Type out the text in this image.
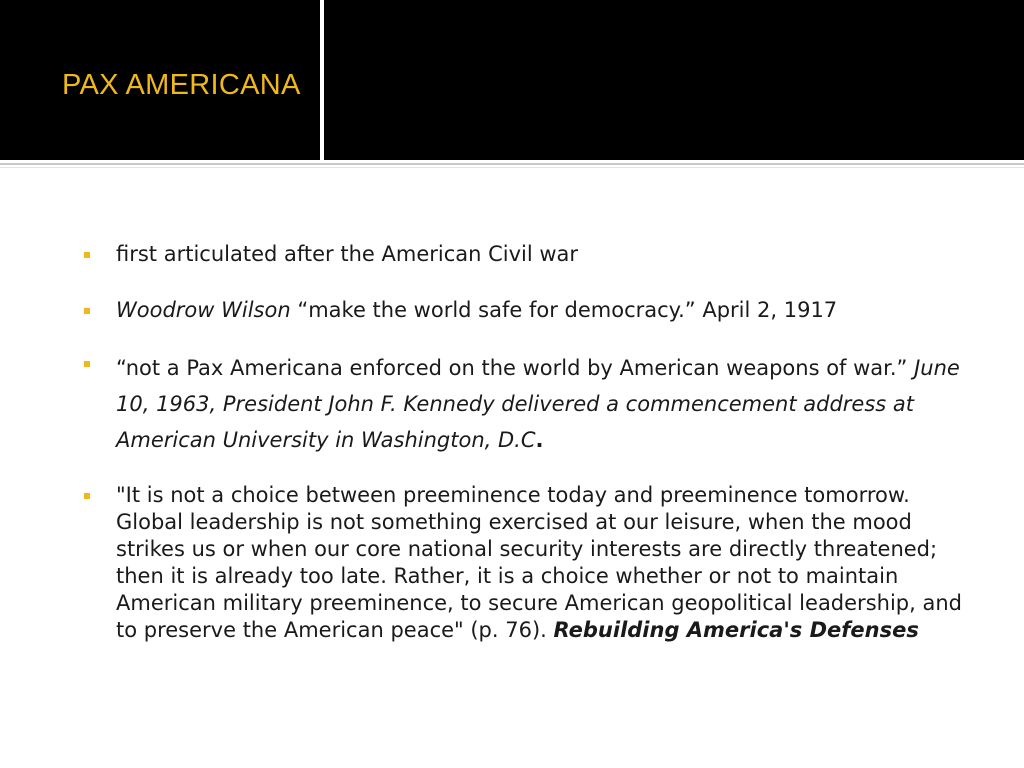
PAX AMERICANA
first articulated after the American Civil war
Woodrow Wilson “make the world safe for democracy.” April 2, 1917
“not a Pax Americana enforced on the world by American weapons of war.” June 10, 1963, President John F. Kennedy delivered a commencement address at American University in Washington, D.C.
"It is not a choice between preeminence today and preeminence tomorrow. Global leadership is not something exercised at our leisure, when the mood strikes us or when our core national security interests are directly threatened; then it is already too late. Rather, it is a choice whether or not to maintain American military preeminence, to secure American geopolitical leadership, and to preserve the American peace" (p. 76). Rebuilding America's Defenses
